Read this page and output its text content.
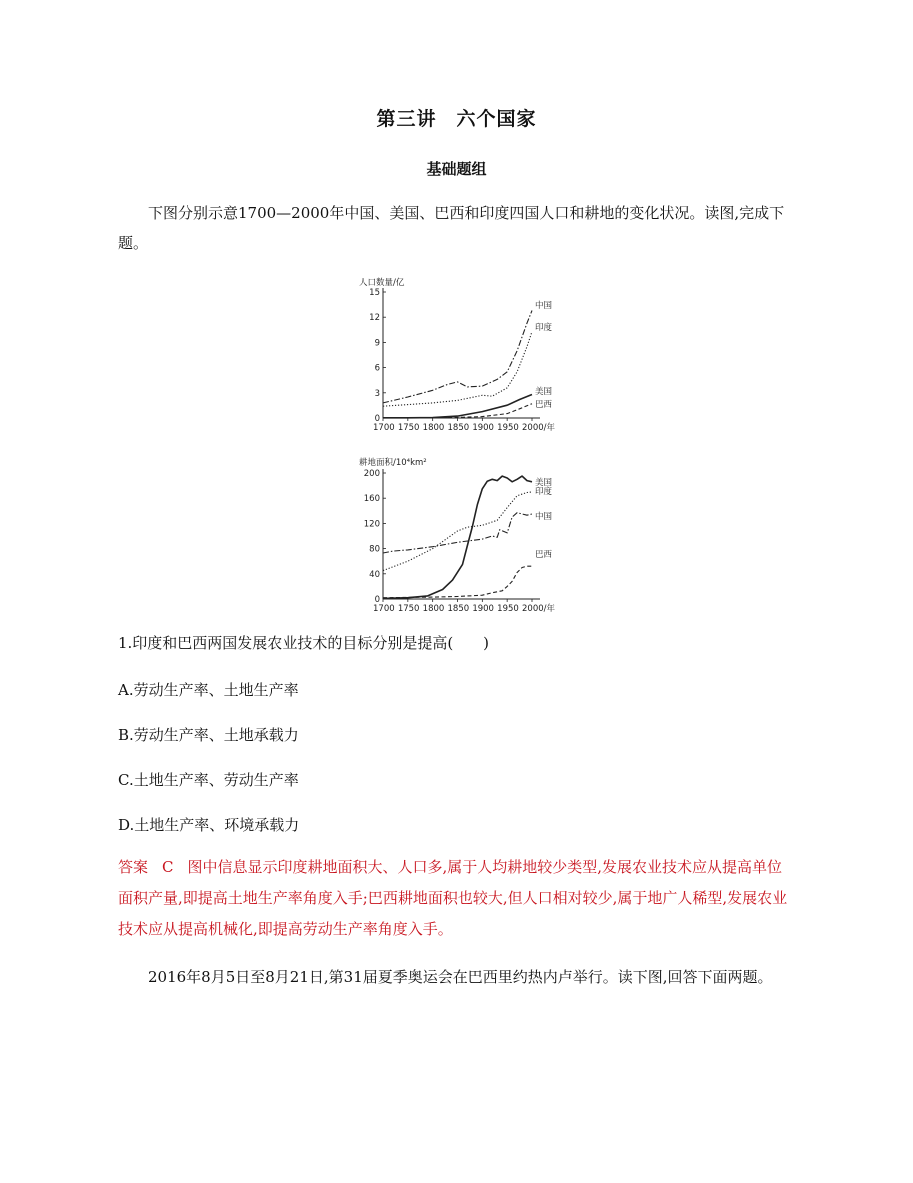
第三讲　六个国家
基础题组

下图分别示意1700—2000年中国、美国、巴西和印度四国人口和耕地的变化状况。读图,完成下题。

人口数量/亿
1700 1750 1800 1850 1900 1950 2000/年
0
3
6
9
12
15
中国
印度
美国
巴西
耕地面积/10⁴km²
1700 1750 1800 1850 1900 1950 2000/年
0
40
80
120
160
200
美国
印度
中国
巴西

1.印度和巴西两国发展农业技术的目标分别是提高(　　)

A.劳动生产率、土地生产率
B.劳动生产率、土地承载力
C.土地生产率、劳动生产率
D.土地生产率、环境承载力

答案 C 图中信息显示印度耕地面积大、人口多,属于人均耕地较少类型,发展农业技术应从提高单位面积产量,即提高土地生产率角度入手;巴西耕地面积也较大,但人口相对较少,属于地广人稀型,发展农业技术应从提高机械化,即提高劳动生产率角度入手。

2016年8月5日至8月21日,第31届夏季奥运会在巴西里约热内卢举行。读下图,回答下面两题。
